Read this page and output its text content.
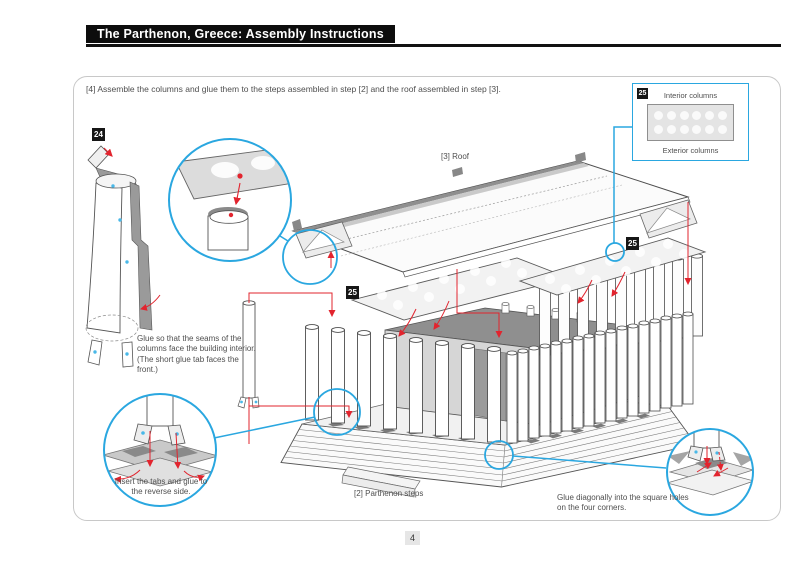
The Parthenon, Greece: Assembly Instructions
[4] Assemble the columns and glue them to the steps assembled in step [2] and the roof assembled in step [3].	25	Interior columns
Exterior columns
24
25
25
[3] Roof
[2] Parthenon steps
Glue so that the seams of the columns face the building interior. (The short glue tab faces the front.)
Insert the tabs and glue to the reverse side.
Glue diagonally into the square holes on the four corners.
4
